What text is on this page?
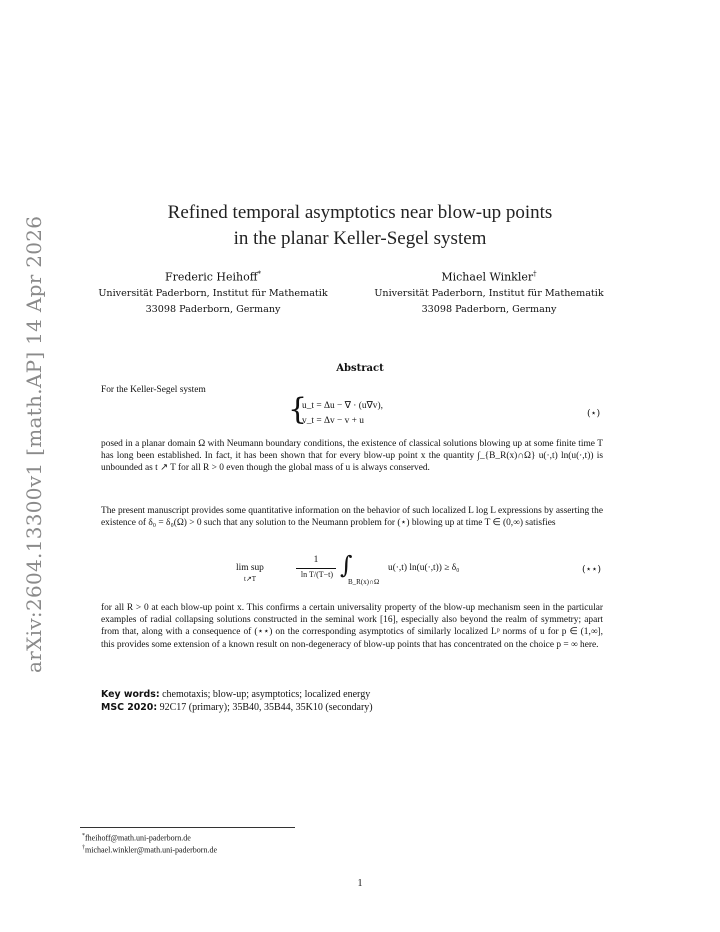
arXiv:2604.13300v1 [math.AP] 14 Apr 2026
Refined temporal asymptotics near blow-up points
in the planar Keller-Segel system
Frederic Heihoff*
Universität Paderborn, Institut für Mathematik
33098 Paderborn, Germany
Michael Winkler†
Universität Paderborn, Institut für Mathematik
33098 Paderborn, Germany
Abstract
For the Keller-Segel system
{
u_t = Δu − ∇ · (u∇v),
v_t = Δv − v + u
(⋆)
posed in a planar domain Ω with Neumann boundary conditions, the existence of classical solutions blowing up at some finite time T has long been established. In fact, it has been shown that for every blow-up point x the quantity ∫_{B_R(x)∩Ω} u(·,t) ln(u(·,t)) is unbounded as t ↗ T for all R > 0 even though the global mass of u is always conserved.
The present manuscript provides some quantitative information on the behavior of such localized L log L expressions by asserting the existence of δ₀ = δ₀(Ω) > 0 such that any solution to the Neumann problem for (⋆) blowing up at time T ∈ (0,∞) satisfies
lim sup
t↗T
1
ln T/(T−t) ∫
B_R(x)∩Ω
u(·,t) ln(u(·,t)) ≥ δ₀	(⋆⋆)
for all R > 0 at each blow-up point x. This confirms a certain universality property of the blow-up mechanism seen in the particular examples of radial collapsing solutions constructed in the seminal work [16], especially also beyond the realm of symmetry; apart from that, along with a consequence of (⋆⋆) on the corresponding asymptotics of similarly localized Lᵖ norms of u for p ∈ (1,∞], this provides some extension of a known result on non-degeneracy of blow-up points that has concentrated on the choice p = ∞ here.
Key words: chemotaxis; blow-up; asymptotics; localized energy
MSC 2020: 92C17 (primary); 35B40, 35B44, 35K10 (secondary)
*fheihoff@math.uni-paderborn.de
†michael.winkler@math.uni-paderborn.de
1
